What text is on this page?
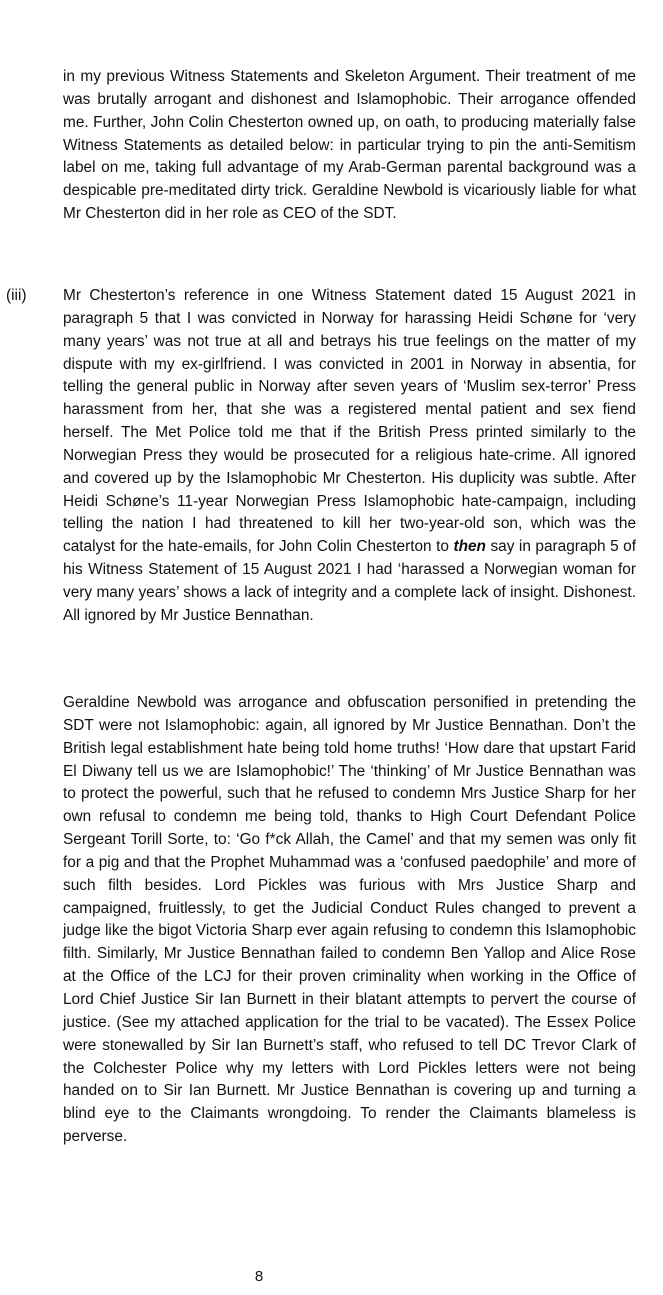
in my previous Witness Statements and Skeleton Argument. Their treatment of me was brutally arrogant and dishonest and Islamophobic. Their arrogance offended me. Further, John Colin Chesterton owned up, on oath, to producing materially false Witness Statements as detailed below: in particular trying to pin the anti-Semitism label on me, taking full advantage of my Arab-German parental background was a despicable pre-meditated dirty trick. Geraldine Newbold is vicariously liable for what Mr Chesterton did in her role as CEO of the SDT.

(iii) Mr Chesterton’s reference in one Witness Statement dated 15 August 2021 in paragraph 5 that I was convicted in Norway for harassing Heidi Schøne for ‘very many years’ was not true at all and betrays his true feelings on the matter of my dispute with my ex-girlfriend. I was convicted in 2001 in Norway in absentia, for telling the general public in Norway after seven years of ‘Muslim sex-terror’ Press harassment from her, that she was a registered mental patient and sex fiend herself. The Met Police told me that if the British Press printed similarly to the Norwegian Press they would be prosecuted for a religious hate-crime. All ignored and covered up by the Islamophobic Mr Chesterton. His duplicity was subtle. After Heidi Schøne’s 11-year Norwegian Press Islamophobic hate-campaign, including telling the nation I had threatened to kill her two-year-old son, which was the catalyst for the hate-emails, for John Colin Chesterton to then say in paragraph 5 of his Witness Statement of 15 August 2021 I had ‘harassed a Norwegian woman for very many years’ shows a lack of integrity and a complete lack of insight. Dishonest. All ignored by Mr Justice Bennathan.

Geraldine Newbold was arrogance and obfuscation personified in pretending the SDT were not Islamophobic: again, all ignored by Mr Justice Bennathan. Don’t the British legal establishment hate being told home truths! ‘How dare that upstart Farid El Diwany tell us we are Islamophobic!’ The ‘thinking’ of Mr Justice Bennathan was to protect the powerful, such that he refused to condemn Mrs Justice Sharp for her own refusal to condemn me being told, thanks to High Court Defendant Police Sergeant Torill Sorte, to: ‘Go f*ck Allah, the Camel’ and that my semen was only fit for a pig and that the Prophet Muhammad was a ‘confused paedophile’ and more of such filth besides. Lord Pickles was furious with Mrs Justice Sharp and campaigned, fruitlessly, to get the Judicial Conduct Rules changed to prevent a judge like the bigot Victoria Sharp ever again refusing to condemn this Islamophobic filth. Similarly, Mr Justice Bennathan failed to condemn Ben Yallop and Alice Rose at the Office of the LCJ for their proven criminality when working in the Office of Lord Chief Justice Sir Ian Burnett in their blatant attempts to pervert the course of justice. (See my attached application for the trial to be vacated). The Essex Police were stonewalled by Sir Ian Burnett’s staff, who refused to tell DC Trevor Clark of the Colchester Police why my letters with Lord Pickles letters were not being handed on to Sir Ian Burnett. Mr Justice Bennathan is covering up and turning a blind eye to the Claimants wrongdoing. To render the Claimants blameless is perverse.

8
